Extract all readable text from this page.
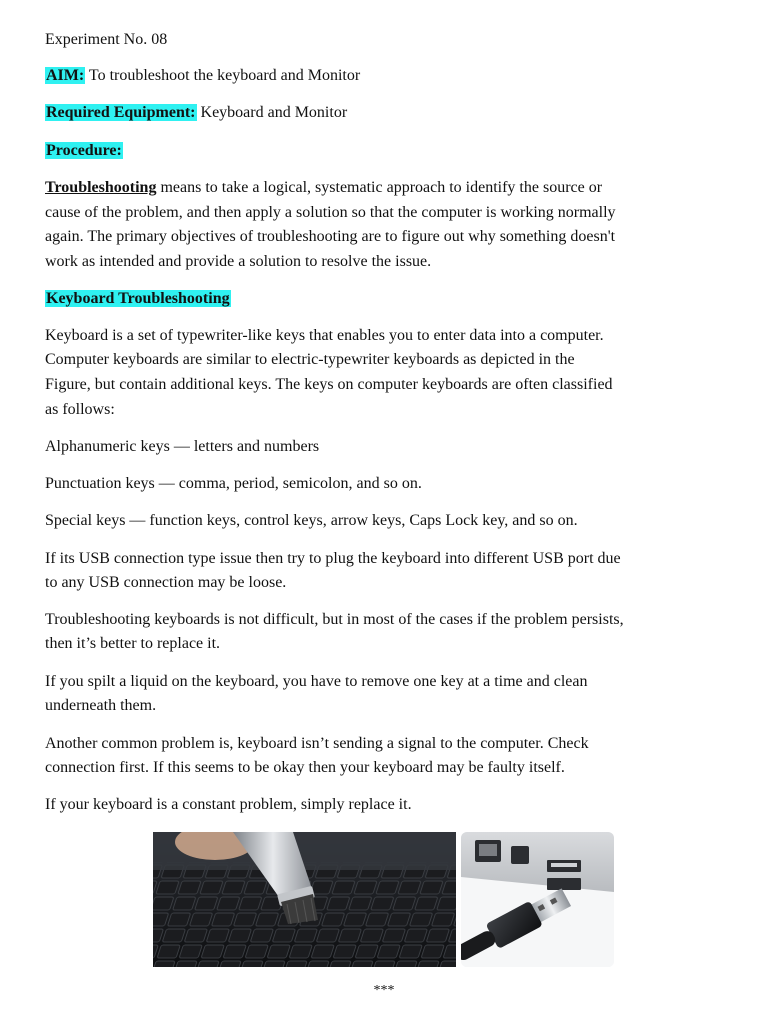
Experiment No. 08
AIM: To troubleshoot the keyboard and Monitor
Required Equipment: Keyboard and Monitor
Procedure:
Troubleshooting means to take a logical, systematic approach to identify the source or
cause of the problem, and then apply a solution so that the computer is working normally
again. The primary objectives of troubleshooting are to figure out why something doesn't
work as intended and provide a solution to resolve the issue.
Keyboard Troubleshooting
Keyboard is a set of typewriter-like keys that enables you to enter data into a computer.
Computer keyboards are similar to electric-typewriter keyboards as depicted in the
Figure, but contain additional keys. The keys on computer keyboards are often classified
as follows:
Alphanumeric keys — letters and numbers
Punctuation keys — comma, period, semicolon, and so on.
Special keys — function keys, control keys, arrow keys, Caps Lock key, and so on.
If its USB connection type issue then try to plug the keyboard into different USB port due
to any USB connection may be loose.
Troubleshooting keyboards is not difficult, but in most of the cases if the problem persists,
then it’s better to replace it.
If you spilt a liquid on the keyboard, you have to remove one key at a time and clean
underneath them.
Another common problem is, keyboard isn’t sending a signal to the computer. Check
connection first. If this seems to be okay then your keyboard may be faulty itself.
If your keyboard is a constant problem, simply replace it.
***
